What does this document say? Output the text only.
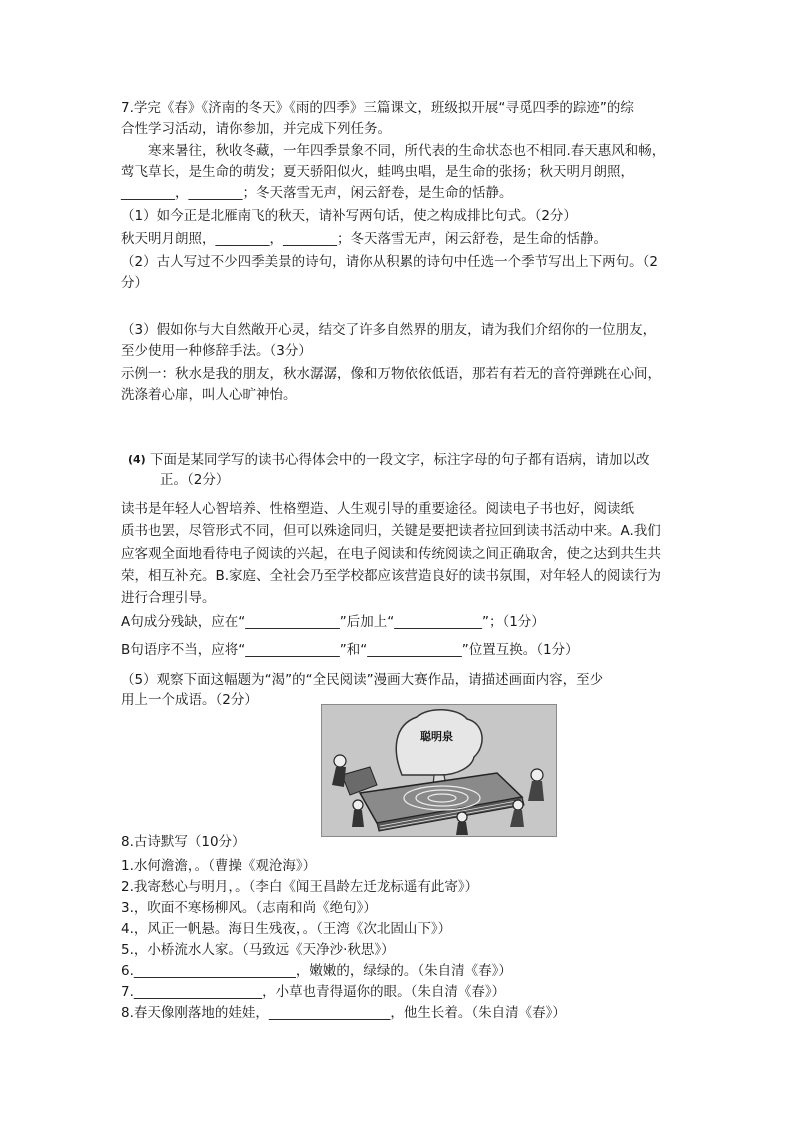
7.学完《春》《济南的冬天》《雨的四季》三篇课文，班级拟开展“寻觅四季的踪迹”的综
合性学习活动，请你参加，并完成下列任务。
寒来暑往，秋收冬藏，一年四季景象不同，所代表的生命状态也不相同.春天惠风和畅，
莺飞草长，是生命的萌发；夏天骄阳似火，蛙鸣虫唱，是生命的张扬；秋天明月朗照，
________，________；冬天落雪无声，闲云舒卷，是生命的恬静。
（1）如今正是北雁南飞的秋天，请补写两句话，使之构成排比句式。（2分）
秋天明月朗照，________，________；冬天落雪无声，闲云舒卷，是生命的恬静。
（2）古人写过不少四季美景的诗句，请你从积累的诗句中任选一个季节写出上下两句。（2
分）
（3）假如你与大自然敞开心灵，结交了许多自然界的朋友，请为我们介绍你的一位朋友，
至少使用一种修辞手法。（3分）
示例一：秋水是我的朋友，秋水潺潺，像和万物依依低语，那若有若无的音符弹跳在心间，
洗涤着心扉，叫人心旷神怡。
(4) 下面是某同学写的读书心得体会中的一段文字，标注字母的句子都有语病，请加以改
正。（2分）
读书是年轻人心智培养、性格塑造、人生观引导的重要途径。阅读电子书也好，阅读纸
质书也罢，尽管形式不同，但可以殊途同归，关键是要把读者拉回到读书活动中来。A.我们
应客观全面地看待电子阅读的兴起，在电子阅读和传统阅读之间正确取舍，使之达到共生共
荣，相互补充。B.家庭、全社会乃至学校都应该营造良好的读书氛围，对年轻人的阅读行为
进行合理引导。
A句成分残缺，应在“______________”后加上“_____________”；（1分）
B句语序不当，应将“______________”和“______________”位置互换。（1分）
（5）观察下面这幅题为“渴”的“全民阅读”漫画大赛作品，请描述画面内容，至少
用上一个成语。（2分）
聪明泉
8.古诗默写（10分）
1.水何澹澹，。（曹操《观沧海》）
2.我寄愁心与明月，。（李白《闻王昌龄左迁龙标遥有此寄》）
3.，吹面不寒杨柳风。（志南和尚《绝句》）
4.，风正一帆悬。海日生残夜，。（王湾《次北固山下》）
5.，小桥流水人家。（马致远《天净沙·秋思》）
6.________________________，嫩嫩的，绿绿的。（朱自清《春》）
7.___________________，小草也青得逼你的眼。（朱自清《春》）
8.春天像刚落地的娃娃，__________________，他生长着。（朱自清《春》）
